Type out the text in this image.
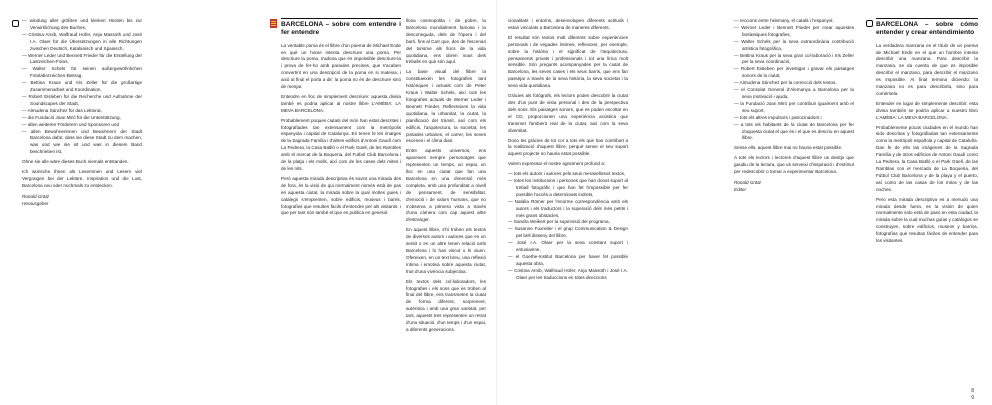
— windung aller größten und kleinen Hürden bis zur Verwirklichung des Buches,
— Cristina Arnib, Walfraud Hofer, Anja Massoth und José I.A. Olaer für die Übersetzungen in alle Richtungen zwischen Deutsch, Katalanisch und Spanisch,
— Werner Leder und Bennett Frieder für die Erstellung der Lastzeichen-Fotos,
— Walter Schels für seinen außergewöhnlichen Fotolaborzeichen-Beitrag,
— Bettina Kraus und Iris Zeller für die großartige Zusammenarbeit und Koordination,
— Robert Eisleben für die Recherche und Aufnahme der Soundscapes der Stadt,
— Almudena Sánchez für das Lektorat,
— die Fundació Joan Miró für die Unterstützung,
— allen weiteren Förderern und Sponsoren und
— allen Bewohnerinnen und Bewohnern der Stadt Barcelona dafür, dass sie diese Stadt zu dem machen, was und wie sie ist und was in diesem Band beschrieben ist.

Ohne sie alle wäre dieses Buch niemals entstanden.

Ich wünsche Ihnen als Leserinnen und Lesern viel Vergnügen bei der Lektüre, Inspiration und die Lust, Barcelona neu oder nochmals zu entdecken.

Ronald Grätz
Herausgeber
BARCELONA – sobre com entendre i fer entendre

La veritable poma és el llibre d'un poema de Michael Ende en què un home intenta descriure una poma. Per descriure la poma, s'adona que és impossible descriure-la i prova de fer-ho amb paraules precises, que s'acaben convertint en una descripció de la poma en si mateixa, i això al final el porta a dir: la poma no és de descriure sinó de menjar.

Entendre en lloc de simplement descriure: aquesta divisa també es podria aplicar al nostre llibre L'AMÈBA: LA MEVA BARCELONA.

Probablement poques ciutats del món han estat descrites i fotografiades tan extensament com la metròpolis espanyola i capital de Catalunya. En tenen fe les imatges de la Sagrada Família i d'altres edificis d'Antoni Gaudí com La Pedrera, la Casa Batlló o el Park Güell, de les Rambles amb el mercat de la Boqueria, del Futbol Club Barcelona i de la platja i els molls, així com de les cases dels mites i de les nits.

Però aquesta mirada descriptiva és sovint una mirada des de fora, és la visió de qui normalment només està de pas en aquesta ciutat, la mirada sobre la qual moltes guies i catàlegs s'emprenten, sobre edificis, museus i barris, fotografies que resulten fàcils d'entendre per als visitants, i que per tant són també el que es publica en general.

llona cosmopolita i de pobre, la Barcelona mundialment famosa i la desconeguda, dels de l'òpera i del barri, fins al Carr que, des de l'escenari del turisme als llocs de la vida quotidiana, ens obren nous dels treballs en què són aquí.

La base visual del llibre la constitueixen les fotografies tant històriques i actuals com de Peter Kraus i Walter Schels, així com les fotografies actuals de Werner Leder i Bennett Frieder. Reflecteixen la vida quotidiana, la urbanitat, la ciutat, la planificació del trànsit, així com els edificis, l'arquitectura, la societat, les pintades urbanes, el carrer, les seves escenes i el clima diari.

Entre aquests universos, ens apareixen sempre personatges que representen un temps, un espai, un lloc en una ciutat que fan una Barcelona en una dimensió més completa, amb una profunditat a nivell de pensament, de sensibilitat, d'emoció i de valors humans, que no s'observa a primera vista a través d'una càmera com cap aquest altre d'estranger.

En aquest llibre, s'hi troben els textos de diversos autors i autores que en un sentit o en un altre tenen relació amb Barcelona i hi han viscut o hi viuen. Ofereixen, en un text breu, una reflexió íntima i emotiva sobre aquesta ciutat, fruit d'una vivència subjectiva.

Els textos dels col·laboradors, les fotografies i els sons que es troben al final del llibre, ens transmeten la ciutat de forma diferent, sorprenent, autèntica i amb una gran varietat, per tant, aquests tres representen un retrat d'una situació, d'un temps i d'un espai, a diferents generacions.

cionalitats i entorns, desenvolupen diferents actituds i estan vinculats a Barcelona de maneres diferents.

El resultat són textos molt diferents sobre experiències personals i de vegades íntimes, reflexions, per exemple, sobre la història i el significat de l'arquitectura, pensaments privats i professionals i tot una lírica molt sensible. Són pregunts acompanyades per la ciutat de Barcelona, les seves cases i els seus barris, que ens fan passejar a través de la seva història, la seva societat i la seva vida quotidiana.

Gràcies als fotògrafs, els lectors poden descobrir la ciutat des d'un punt de vista personal i des de la perspectiva dels sons. Els paisatges sonors, que es poden escoltar en el CD, proporcionen una experiència acústica que transmet l'ambient real de la ciutat, així com la seva diversitat.

Dono les gràcies de tot cor a tots els que han contribuït a la realització d'aquest llibre, perquè sense el seu suport aquest projecte no hauria estat possible.

Volem expressar el nostre agraïment profund a:

— tots els autors i autores pels seus meravellosos textos,
— totes les institucions i persones que han donat suport al treball fotogràfic i que han fet l'impossible per fer possible l'accés a determinats indrets,
— Natàlia Römer per l'enorme correspondència amb els autors i els traductors i la superació dels més petits i més grans obstacles,
— Sandra Weikert per la supervisió del programa,
— Susanne Fuxreiter i el grup Communication & Design pel bell disseny del llibre,
— José I.A. Olaer per la seva constant suport i entusiasme,
— el Goethe-Institut Barcelona per haver fet possible aquesta obra,
— Cristina Arnib, Walfraud Hofer, Anja Massoth i José I.A. Olaer per les traduccions en totes direccions
— reccions entre l'alemany, el català i l'espanyol,
— Werner Leder i Bennett Frieder per crear aquestes fantàstiques fotografies,
— Walter Schels per la seva extraordinària contribució artística fotogràfica,
— Bettina Kraus per la seva gran col·laboració i Iris Zeller per la seva coordinació,
— Robert Eisleben per investigar i gravar els paisatges sonors de la ciutat,
— Almudena Sánchez per la correcció dels textos,
— el Consolat General d'Alemanya a Barcelona per la seva motivació i ajuda,
— la Fundació Joan Miró per contribuir igualment amb el seu suport,
— tots els altres impulsors i patrocinadors i
— a tots els habitants de la ciutat de Barcelona per fer d'aquesta ciutat el que és i el que es descriu en aquest llibre.

Sense ells, aquest llibre mai no hauria estat possible.

A tots els lectors i lectores d'aquest llibre us desitjo que gaudiu de la lectura, que us serveixi d'inspiració i d'estímul per redescobrir o tornar a experimentar Barcelona.

Ronald Grätz
Editor
BARCELONA – sobre cómo entender y crear entendimiento

La verdadera manzana es el título de un poema de Michael Ende en el que un hombre intenta describir una manzana. Para describir la manzana, se da cuenta de que es imposible describir el manzano, para describir el manzano es imposible. Al final termina diciendo: la manzana no es para describirla, sino para comérsela.

Entender en lugar de simplemente describir: esta divisa también se podría aplicar a nuestro libro L'AMÈBA: LA MEVA BARCELONA.

Probablemente pocas ciudades en el mundo han sido descritas y fotografiadas tan extensamente como la metrópoli española y capital de Cataluña. Dan fe de ello las imágenes de la Sagrada Família y de otros edificios de Antoni Gaudí como La Pedrera, la Casa Batlló o el Park Güell, de las Ramblas con el mercado de La Boqueria, del Fútbol Club Barcelona y de la playa y el puerto, así como de las casas de los mitos y de las noches.

Pero esta mirada descriptiva es a menudo una mirada desde fuera, es la visión de quien normalmente solo está de paso en esta ciudad, la mirada sobre la cual muchas guías y catálogos se construyen, sobre edificios, museos y barrios, fotografías que resultan fáciles de entender para los visitantes.

8
9
